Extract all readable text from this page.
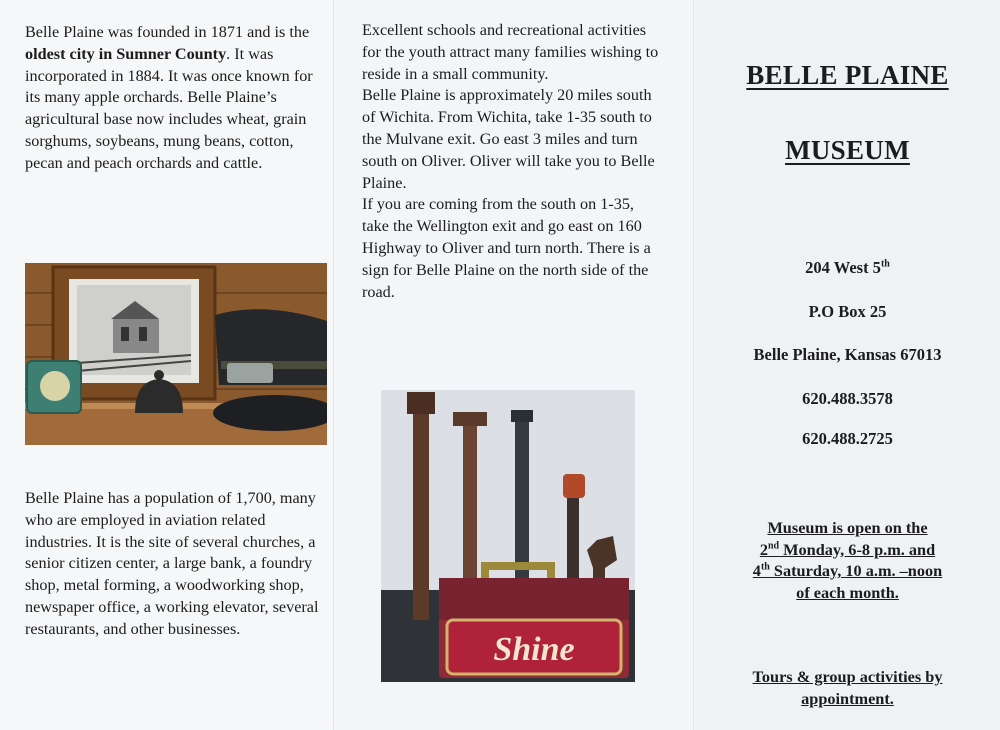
Belle Plaine was founded in 1871 and is the oldest city in Sumner County. It was incorporated in 1884. It was once known for its many apple orchards. Belle Plaine’s agricultural base now includes wheat, grain sorghums, soybeans, mung beans, cotton, pecan and peach orchards and cattle.

Belle Plaine has a population of 1,700, many who are employed in aviation related industries. It is the site of several churches, a senior citizen center, a large bank, a foundry shop, metal forming, a woodworking shop, newspaper office, a working elevator, several restaurants, and other businesses.

Excellent schools and recreational activities for the youth attract many families wishing to reside in a small community.
Belle Plaine is approximately 20 miles south of Wichita. From Wichita, take 1-35 south to the Mulvane exit. Go east 3 miles and turn south on Oliver. Oliver will take you to Belle Plaine.
If you are coming from the south on 1-35, take the Wellington exit and go east on 160 Highway to Oliver and turn north. There is a sign for Belle Plaine on the north side of the road.
Shine
BELLE PLAINE
MUSEUM
204 West 5th
P.O Box 25
Belle Plaine, Kansas 67013
620.488.3578
620.488.2725
Museum is open on the
2nd Monday, 6-8 p.m. and
4th Saturday, 10 a.m. –noon
of each month.
Tours & group activities by
appointment.
